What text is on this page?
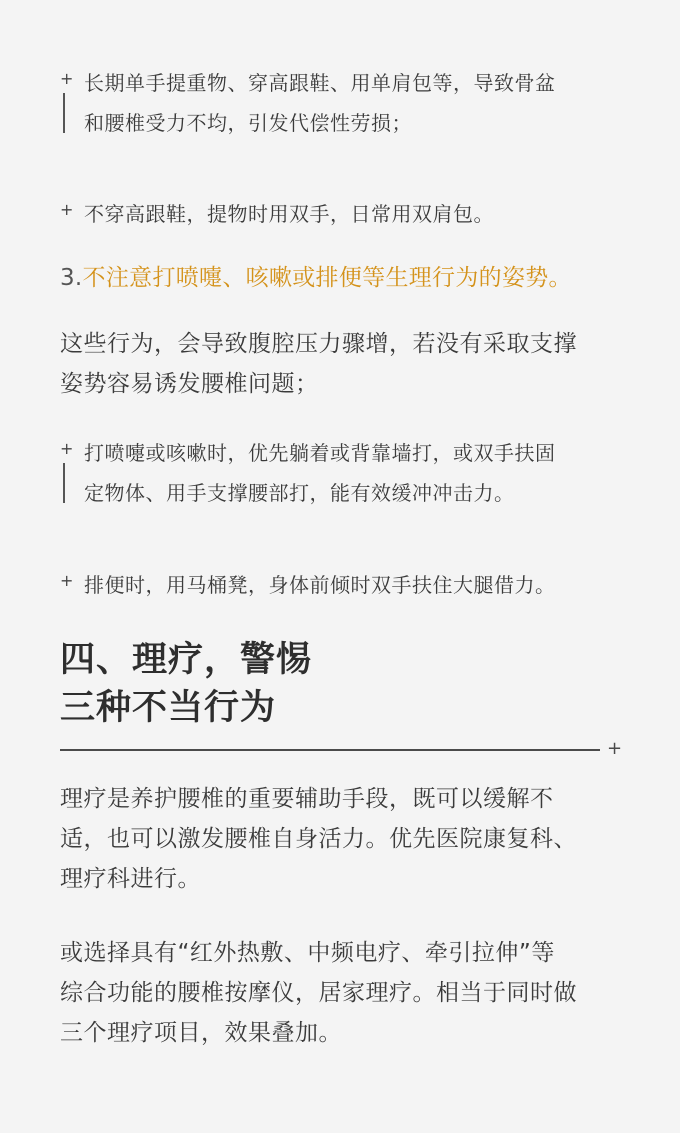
+ 长期单手提重物、穿高跟鞋、用单肩包等，导致骨盆
和腰椎受力不均，引发代偿性劳损；
+ 不穿高跟鞋，提物时用双手，日常用双肩包。
3.不注意打喷嚏、咳嗽或排便等生理行为的姿势。
这些行为，会导致腹腔压力骤增，若没有采取支撑
姿势容易诱发腰椎问题；
+ 打喷嚏或咳嗽时，优先躺着或背靠墙打，或双手扶固
定物体、用手支撑腰部打，能有效缓冲冲击力。
+ 排便时，用马桶凳，身体前倾时双手扶住大腿借力。
四、理疗，警惕
三种不当行为
+
理疗是养护腰椎的重要辅助手段，既可以缓解不
适，也可以激发腰椎自身活力。优先医院康复科、
理疗科进行。
或选择具有“红外热敷、中频电疗、牵引拉伸”等
综合功能的腰椎按摩仪，居家理疗。相当于同时做
三个理疗项目，效果叠加。
